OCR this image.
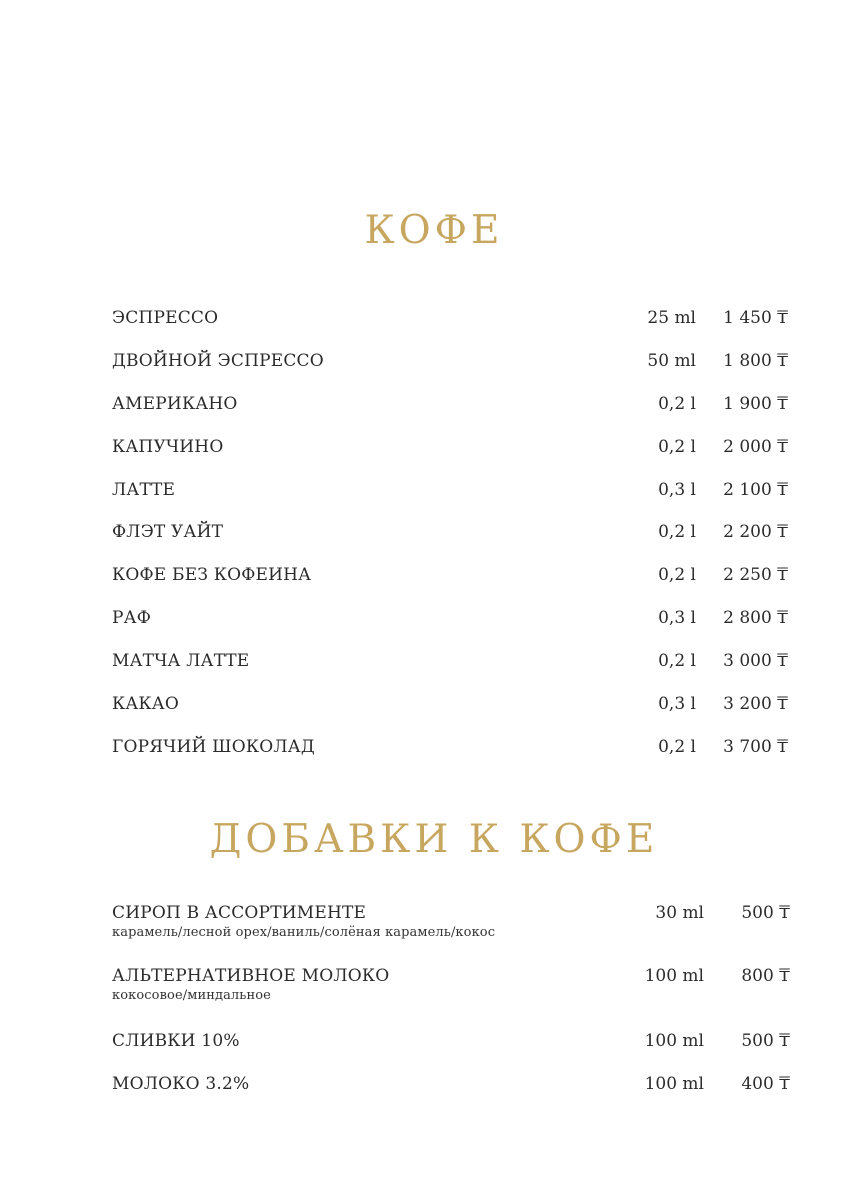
КОФЕ
ЭСПРЕССО	25 ml 1 450 ₸
ДВОЙНОЙ ЭСПРЕССО	50 ml 1 800 ₸
АМЕРИКАНО	0,2 l 1 900 ₸
КАПУЧИНО	0,2 l 2 000 ₸
ЛАТТЕ	0,3 l 2 100 ₸
ФЛЭТ УАЙТ	0,2 l 2 200 ₸
КОФЕ БЕЗ КОФЕИНА	0,2 l 2 250 ₸
РАФ	0,3 l 2 800 ₸
МАТЧА ЛАТТЕ	0,2 l 3 000 ₸
КАКАО	0,3 l 3 200 ₸
ГОРЯЧИЙ ШОКОЛАД	0,2 l 3 700 ₸
ДОБАВКИ К КОФЕ
СИРОП В АССОРТИМЕНТЕ	30 ml 500 ₸
карамель/лесной орех/ваниль/солёная карамель/кокос
АЛЬТЕРНАТИВНОЕ МОЛОКО	100 ml 800 ₸
кокосовое/миндальное
СЛИВКИ 10%	100 ml 500 ₸
МОЛОКО 3.2%	100 ml 400 ₸
